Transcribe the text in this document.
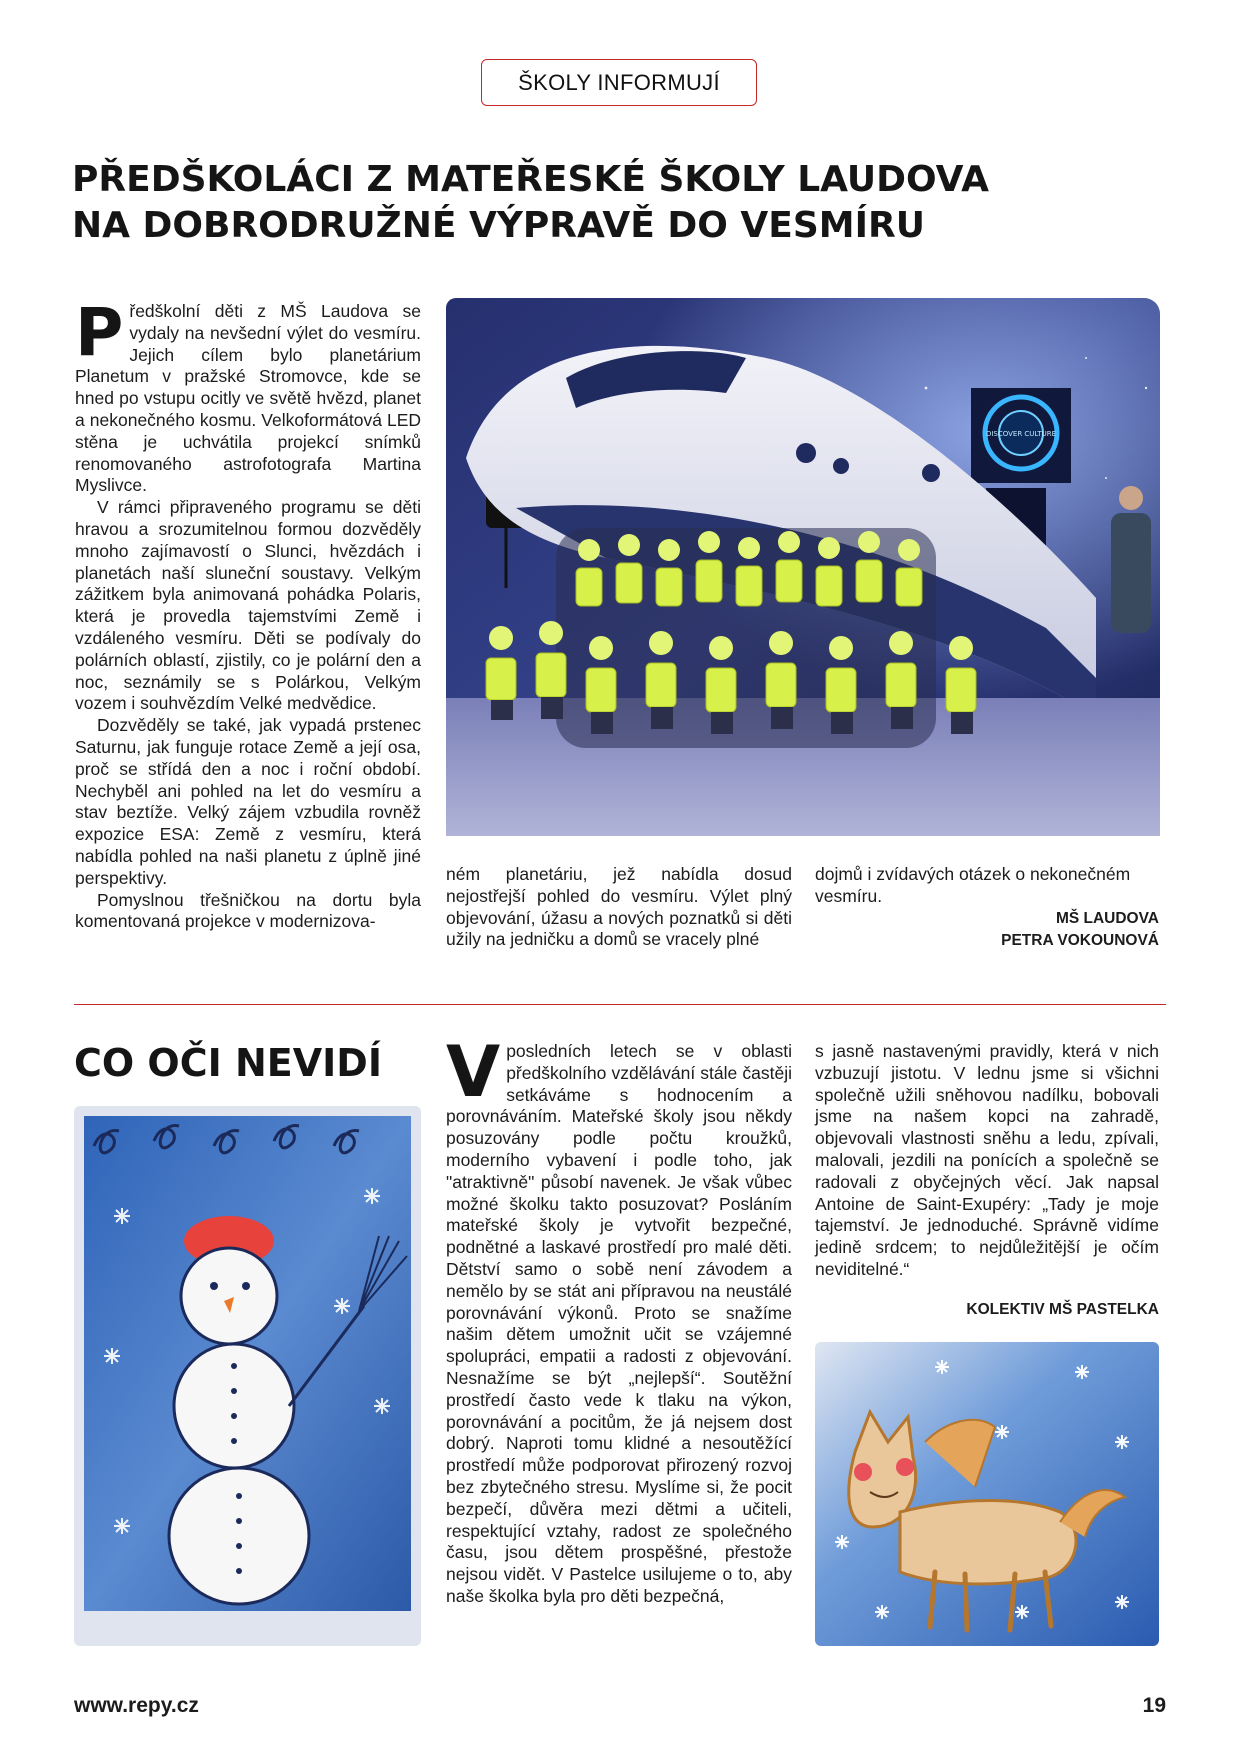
ŠKOLY INFORMUJÍ
PŘEDŠKOLÁCI Z MATEŘESKÉ ŠKOLY LAUDOVA
NA DOBRODRUŽNÉ VÝPRAVĚ DO VESMÍRU

Předškolní děti z MŠ Laudova se vydaly na nevšední výlet do vesmíru. Jejich cílem bylo planetárium Planetum v pražské Stromovce, kde se hned po vstupu ocitly ve světě hvězd, planet a nekonečného kosmu. Velkoformátová LED stěna je uchvátila projekcí snímků renomovaného astrofotografa Martina Myslivce.

V rámci připraveného programu se děti hravou a srozumitelnou formou dozvěděly mnoho zajímavostí o Slunci, hvězdách i planetách naší sluneční soustavy. Velkým zážitkem byla animovaná pohádka Polaris, která je provedla tajemstvími Země i vzdáleného vesmíru. Děti se podívaly do polárních oblastí, zjistily, co je polární den a noc, seznámily se s Polárkou, Velkým vozem i souhvězdím Velké medvědice.

Dozvěděly se také, jak vypadá prstenec Saturnu, jak funguje rotace Země a její osa, proč se střídá den a noc i roční období. Nechyběl ani pohled na let do vesmíru a stav beztíže. Velký zájem vzbudila rovněž expozice ESA: Země z vesmíru, která nabídla pohled na naši planetu z úplně jiné perspektivy.

Pomyslnou třešničkou na dortu byla komentovaná projekce v modernizova-

DISCOVER CULTURE

ném planetáriu, jež nabídla dosud nejostřejší pohled do vesmíru. Výlet plný objevování, úžasu a nových poznatků si děti užily na jedničku a domů se vracely plné

dojmů i zvídavých otázek o nekonečném vesmíru.

MŠ LAUDOVA

PETRA VOKOUNOVÁ

CO OČI NEVIDÍ Vposledních letech se v oblasti předškolního vzdělávání stále častěji setkáváme s hodnocením a porovnáváním. Mateřské školy jsou někdy posuzovány podle počtu kroužků, moderního vybavení i podle toho, jak "atraktivně" působí navenek. Je však vůbec možné školku takto posuzovat? Posláním mateřské školy je vytvořit bezpečné, podnětné a laskavé prostředí pro malé děti. Dětství samo o sobě není závodem a nemělo by se stát ani přípravou na neustálé porovnávání výkonů. Proto se snažíme našim dětem umožnit učit se vzájemné spolupráci, empatii a radosti z objevování. Nesnažíme se být „nejlepší“. Soutěžní prostředí často vede k tlaku na výkon, porovnávání a pocitům, že já nejsem dost dobrý. Naproti tomu klidné a nesoutěžící prostředí může podporovat přirozený rozvoj bez zbytečného stresu. Myslíme si, že pocit bezpečí, důvěra mezi dětmi a učiteli, respektující vztahy, radost ze společného času, jsou dětem prospěšné, přestože nejsou vidět. V Pastelce usilujeme o to, aby naše školka byla pro děti bezpečná,

s jasně nastavenými pravidly, která v nich vzbuzují jistotu. V lednu jsme si všichni společně užili sněhovou nadílku, bobovali jsme na našem kopci na zahradě, objevovali vlastnosti sněhu a ledu, zpívali, malovali, jezdili na ponících a společně se radovali z obyčejných věcí. Jak napsal Antoine de Saint-Exupéry: „Tady je moje tajemství. Je jednoduché. Správně vidíme jedině srdcem; to nejdůležitější je očím neviditelné.“

KOLEKTIV MŠ PASTELKA

www.repy.cz	19
